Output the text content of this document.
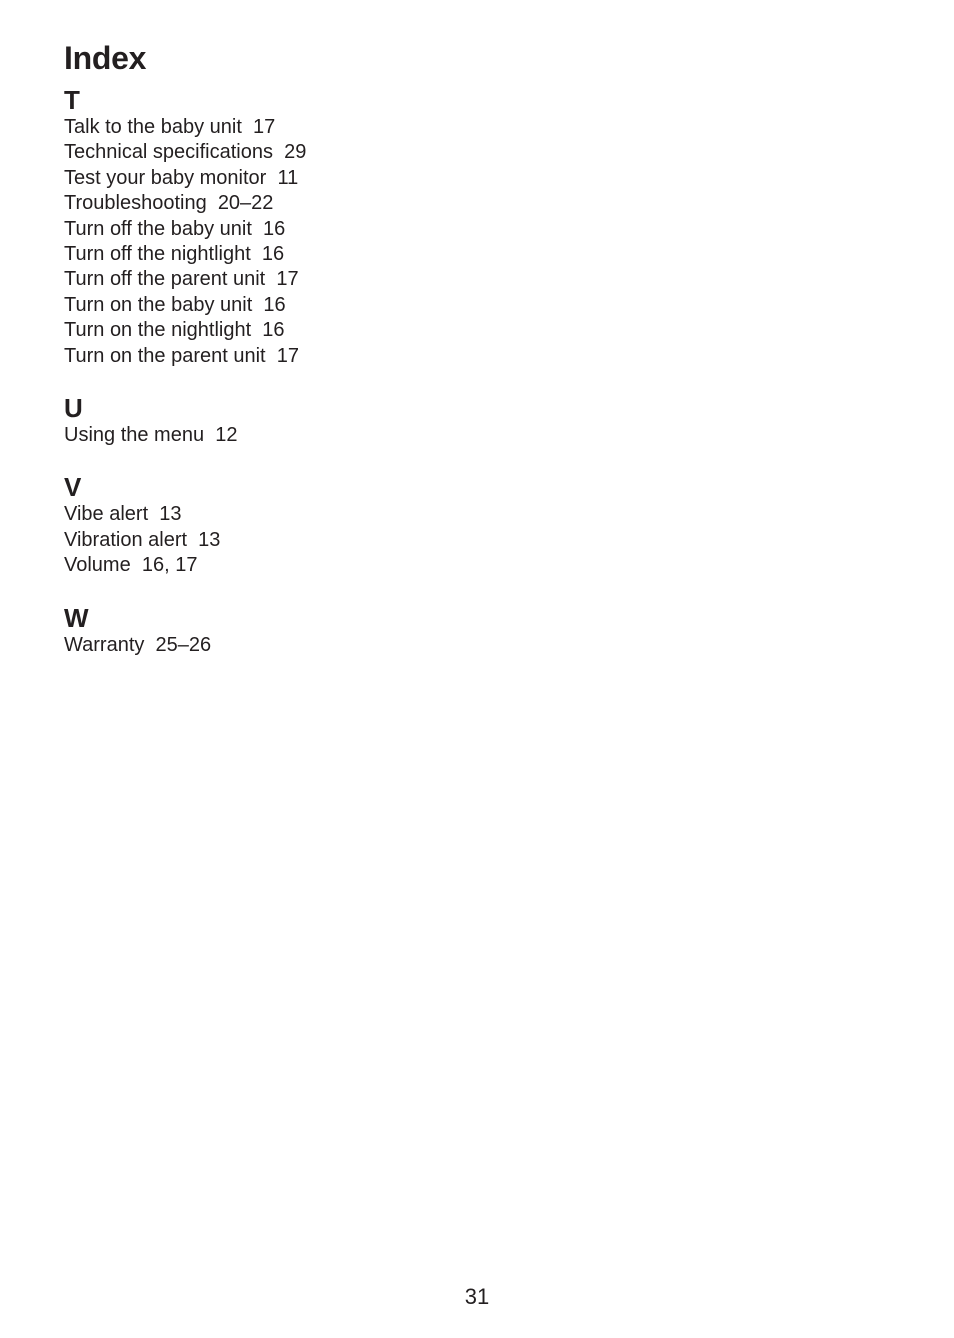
Index
T
Talk to the baby unit 17
Technical specifications 29
Test your baby monitor 11
Troubleshooting 20–22
Turn off the baby unit 16
Turn off the nightlight 16
Turn off the parent unit 17
Turn on the baby unit 16
Turn on the nightlight 16
Turn on the parent unit 17
U
Using the menu 12
V
Vibe alert 13
Vibration alert 13
Volume 16, 17
W
Warranty 25–26
31
